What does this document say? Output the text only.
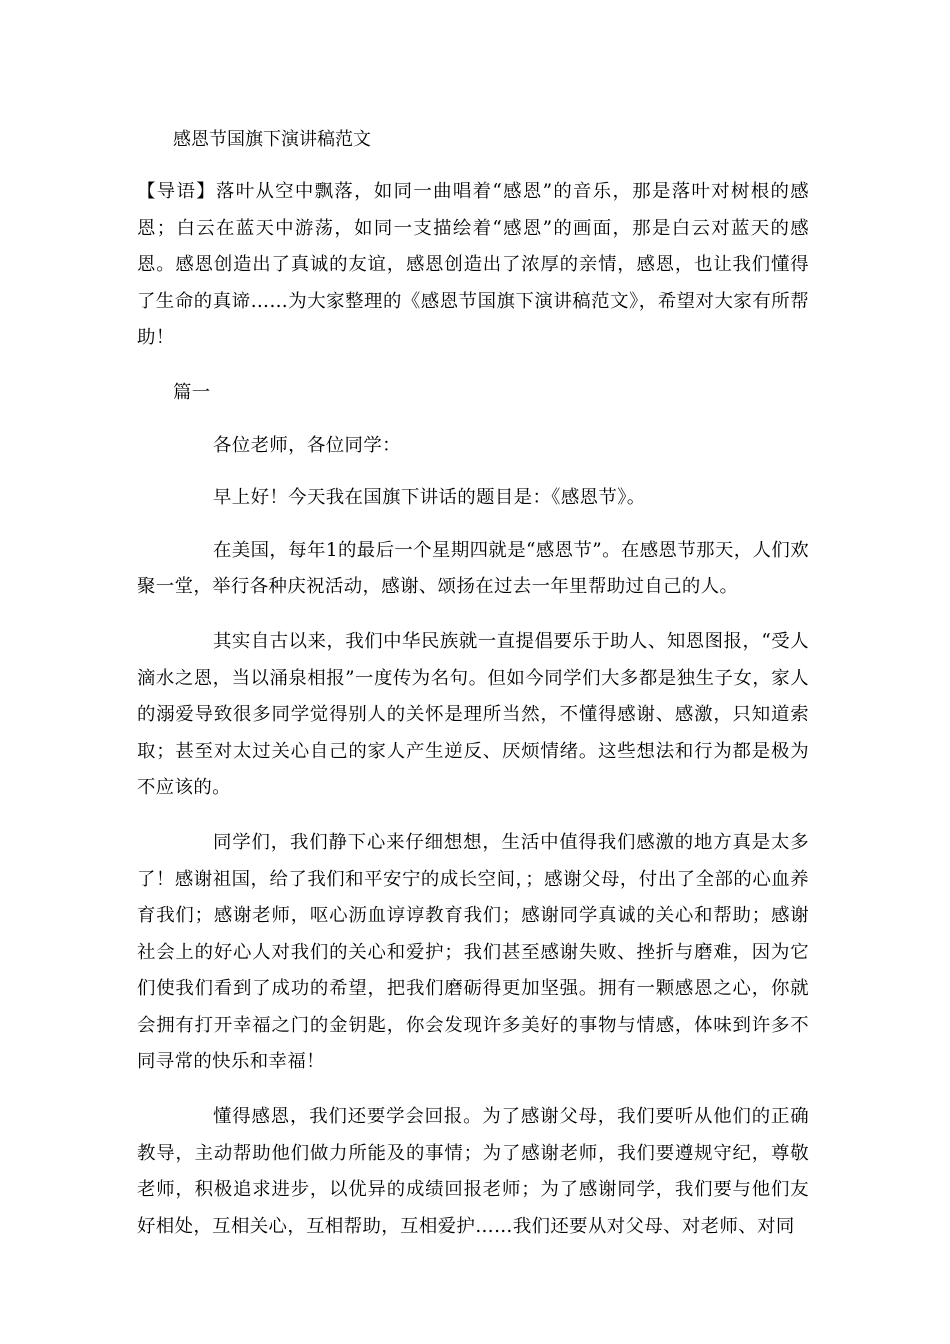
感恩节国旗下演讲稿范文

【导语】落叶从空中飘落，如同一曲唱着“感恩”的音乐，那是落叶对树根的感恩；白云在蓝天中游荡，如同一支描绘着“感恩”的画面，那是白云对蓝天的感恩。感恩创造出了真诚的友谊，感恩创造出了浓厚的亲情，感恩，也让我们懂得了生命的真谛……为大家整理的《感恩节国旗下演讲稿范文》，希望对大家有所帮助！

篇一

各位老师，各位同学：

早上好！今天我在国旗下讲话的题目是：《感恩节》。

在美国，每年1的最后一个星期四就是“感恩节”。在感恩节那天，人们欢聚一堂，举行各种庆祝活动，感谢、颂扬在过去一年里帮助过自己的人。

其实自古以来，我们中华民族就一直提倡要乐于助人、知恩图报，“受人滴水之恩，当以涌泉相报”一度传为名句。但如今同学们大多都是独生子女，家人的溺爱导致很多同学觉得别人的关怀是理所当然，不懂得感谢、感激，只知道索取；甚至对太过关心自己的家人产生逆反、厌烦情绪。这些想法和行为都是极为不应该的。

同学们，我们静下心来仔细想想，生活中值得我们感激的地方真是太多了！感谢祖国，给了我们和平安宁的成长空间，；感谢父母，付出了全部的心血养育我们；感谢老师，呕心沥血谆谆教育我们；感谢同学真诚的关心和帮助；感谢社会上的好心人对我们的关心和爱护；我们甚至感谢失败、挫折与磨难，因为它们使我们看到了成功的希望，把我们磨砺得更加坚强。拥有一颗感恩之心，你就会拥有打开幸福之门的金钥匙，你会发现许多美好的事物与情感，体味到许多不同寻常的快乐和幸福！

懂得感恩，我们还要学会回报。为了感谢父母，我们要听从他们的正确教导，主动帮助他们做力所能及的事情；为了感谢老师，我们要遵规守纪，尊敬老师，积极追求进步，以优异的成绩回报老师；为了感谢同学，我们要与他们友好相处，互相关心，互相帮助，互相爱护……我们还要从对父母、对老师、对同
